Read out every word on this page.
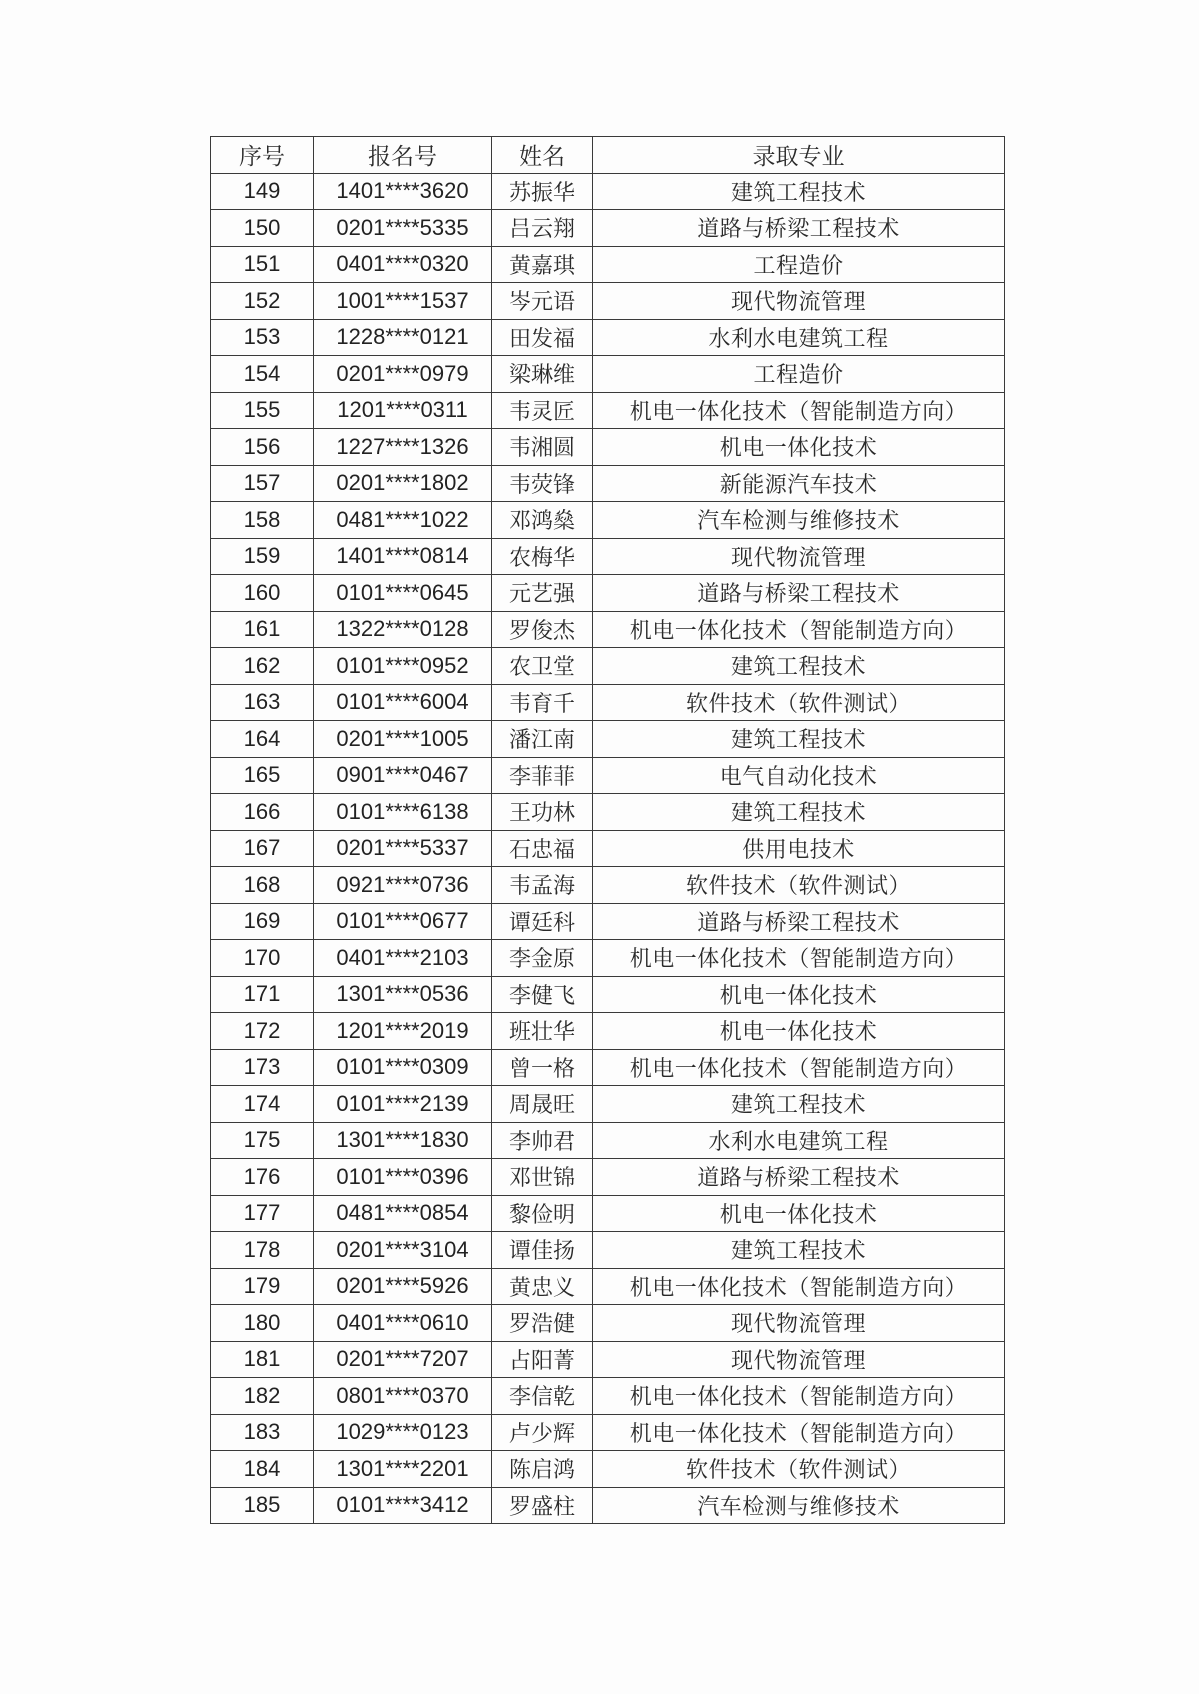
序号	报名号	姓名	录取专业
149	1401****3620	苏振华	建筑工程技术
150	0201****5335	吕云翔	道路与桥梁工程技术
151	0401****0320	黄嘉琪	工程造价
152	1001****1537	岑元语	现代物流管理
153	1228****0121	田发福	水利水电建筑工程
154	0201****0979	梁琳维	工程造价
155	1201****0311	韦灵匠	机电一体化技术（智能制造方向）
156	1227****1326	韦湘圆	机电一体化技术
157	0201****1802	韦荧锋	新能源汽车技术
158	0481****1022	邓鸿燊	汽车检测与维修技术
159	1401****0814	农梅华	现代物流管理
160	0101****0645	元艺强	道路与桥梁工程技术
161	1322****0128	罗俊杰	机电一体化技术（智能制造方向）
162	0101****0952	农卫堂	建筑工程技术
163	0101****6004	韦育千	软件技术（软件测试）
164	0201****1005	潘江南	建筑工程技术
165	0901****0467	李菲菲	电气自动化技术
166	0101****6138	王功林	建筑工程技术
167	0201****5337	石忠福	供用电技术
168	0921****0736	韦孟海	软件技术（软件测试）
169	0101****0677	谭廷科	道路与桥梁工程技术
170	0401****2103	李金原	机电一体化技术（智能制造方向）
171	1301****0536	李健飞	机电一体化技术
172	1201****2019	班壮华	机电一体化技术
173	0101****0309	曾一格	机电一体化技术（智能制造方向）
174	0101****2139	周晟旺	建筑工程技术
175	1301****1830	李帅君	水利水电建筑工程
176	0101****0396	邓世锦	道路与桥梁工程技术
177	0481****0854	黎俭明	机电一体化技术
178	0201****3104	谭佳扬	建筑工程技术
179	0201****5926	黄忠义	机电一体化技术（智能制造方向）
180	0401****0610	罗浩健	现代物流管理
181	0201****7207	占阳菁	现代物流管理
182	0801****0370	李信乾	机电一体化技术（智能制造方向）
183	1029****0123	卢少辉	机电一体化技术（智能制造方向）
184	1301****2201	陈启鸿	软件技术（软件测试）
185	0101****3412	罗盛柱	汽车检测与维修技术
